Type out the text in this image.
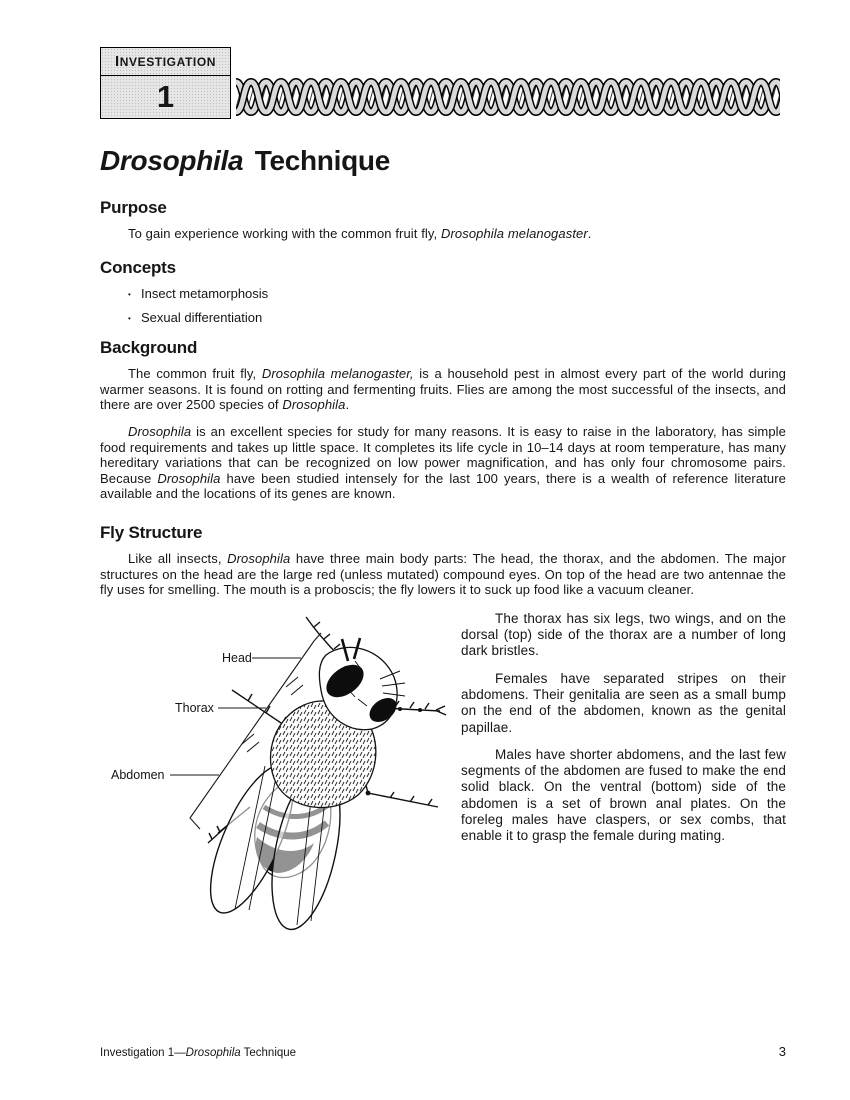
INVESTIGATION
1
Drosophila Technique
Purpose

To gain experience working with the common fruit fly, Drosophila melanogaster.

Concepts
• Insect metamorphosis
• Sexual differentiation
Background

The common fruit fly, Drosophila melanogaster, is a household pest in almost every part of the world during warmer seasons. It is found on rotting and fermenting fruits. Flies are among the most successful of the insects, and there are over 2500 species of Drosophila.

Drosophila is an excellent species for study for many reasons. It is easy to raise in the laboratory, has simple food requirements and takes up little space. It completes its life cycle in 10–14 days at room temperature, has many hereditary variations that can be recognized on low power magnification, and has only four chromosome pairs. Because Drosophila have been studied intensely for the last 100 years, there is a wealth of reference literature available and the locations of its genes are known.

Fly Structure

Like all insects, Drosophila have three main body parts: The head, the thorax, and the abdomen. The major structures on the head are the large red (unless mutated) compound eyes. On top of the head are two antennae the fly uses for smelling. The mouth is a proboscis; the fly lowers it to suck up food like a vacuum cleaner.

Head
Thorax
Abdomen

The thorax has six legs, two wings, and on the dorsal (top) side of the thorax are a number of long dark bristles.

Females have separated stripes on their abdomens. Their genitalia are seen as a small bump on the end of the abdomen, known as the genital papillae.

Males have shorter abdomens, and the last few segments of the abdomen are fused to make the end solid black. On the ventral (bottom) side of the abdomen is a set of brown anal plates. On the foreleg males have claspers, or sex combs, that enable it to grasp the female during mating.

Investigation 1—Drosophila Technique	3
